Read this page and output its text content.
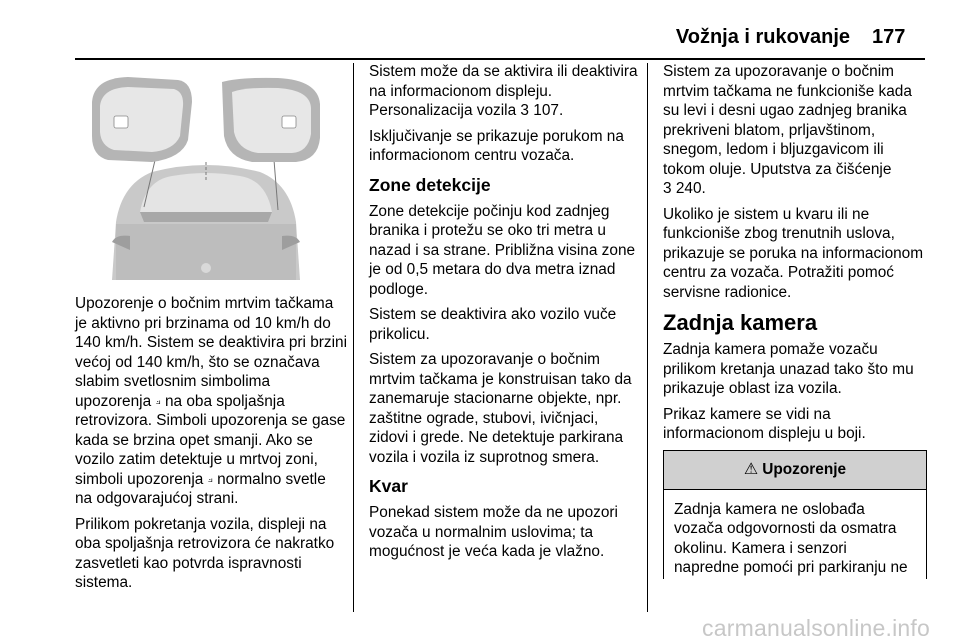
Vožnja i rukovanje 177

Upozorenje o bočnim mrtvim tačkama je aktivno pri brzinama od 10 km/h do 140 km/h. Sistem se deaktivira pri brzini većoj od 140 km/h, što se označava slabim svetlosnim simbolima upozorenja ⟓ na oba spoljašnja retrovizora. Simboli upozorenja se gase kada se brzina opet smanji. Ako se vozilo zatim detektuje u mrtvoj zoni, simboli upozorenja ⟓ normalno svetle na odgovarajućoj strani.

Prilikom pokretanja vozila, displeji na oba spoljašnja retrovizora će nakratko zasvetleti kao potvrda ispravnosti sistema.

Sistem može da se aktivira ili deaktivira na informacionom displeju. Personalizacija vozila 3 107.

Isključivanje se prikazuje porukom na informacionom centru vozača.

Zone detekcije

Zone detekcije počinju kod zadnjeg branika i protežu se oko tri metra u nazad i sa strane. Približna visina zone je od 0,5 metara do dva metra iznad podloge.

Sistem se deaktivira ako vozilo vuče prikolicu.

Sistem za upozoravanje o bočnim mrtvim tačkama je konstruisan tako da zanemaruje stacionarne objekte, npr. zaštitne ograde, stubovi, ivičnjaci, zidovi i grede. Ne detektuje parkirana vozila i vozila iz suprotnog smera.

Kvar

Ponekad sistem može da ne upozori vozača u normalnim uslovima; ta mogućnost je veća kada je vlažno.

Sistem za upozoravanje o bočnim mrtvim tačkama ne funkcioniše kada su levi i desni ugao zadnjeg branika prekriveni blatom, prljavštinom, snegom, ledom i bljuzgavicom ili tokom oluje. Uputstva za čišćenje
3 240.

Ukoliko je sistem u kvaru ili ne funkcioniše zbog trenutnih uslova, prikazuje se poruka na informacionom centru za vozača. Potražiti pomoć servisne radionice.

Zadnja kamera

Zadnja kamera pomaže vozaču prilikom kretanja unazad tako što mu prikazuje oblast iza vozila.

Prikaz kamere se vidi na informacionom displeju u boji.

⚠ Upozorenje
Zadnja kamera ne oslobađa vozača odgovornosti da osmatra okolinu. Kamera i senzori napredne pomoći pri parkiranju ne
carmanualsonline.info
